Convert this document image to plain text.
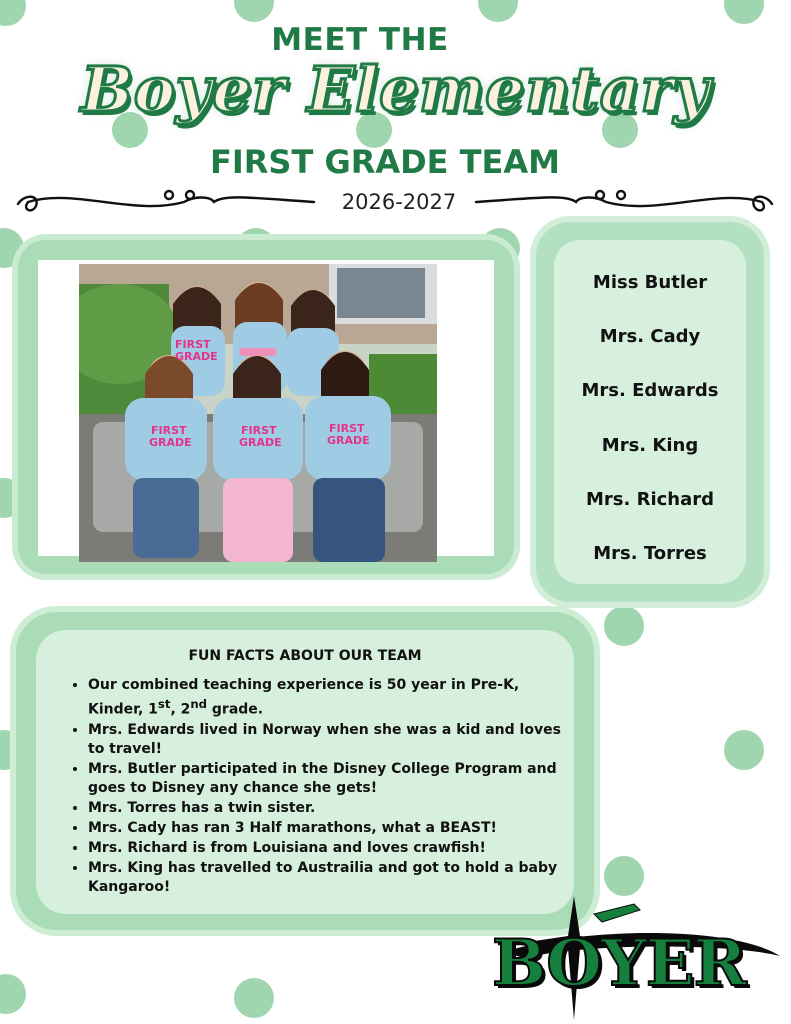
MEET THE
Boyer Elementary
FIRST GRADE TEAM
2026-2027
FIRST
GRADE
FIRST
GRADE
FIRST
GRADE
FIRST
GRADE
Miss Butler
Mrs. Cady
Mrs. Edwards
Mrs. King
Mrs. Richard
Mrs. Torres
FUN FACTS ABOUT OUR TEAM
• Our combined teaching experience is 50 year in Pre-K, Kinder, 1st, 2nd grade.
• Mrs. Edwards lived in Norway when she was a kid and loves to travel!
• Mrs. Butler participated in the Disney College Program and goes to Disney any chance she gets!
• Mrs. Torres has a twin sister.
• Mrs. Cady has ran 3 Half marathons, what a BEAST!
• Mrs. Richard is from Louisiana and loves crawfish!
• Mrs. King has travelled to Austrailia and got to hold a baby Kangaroo!
BOYER
